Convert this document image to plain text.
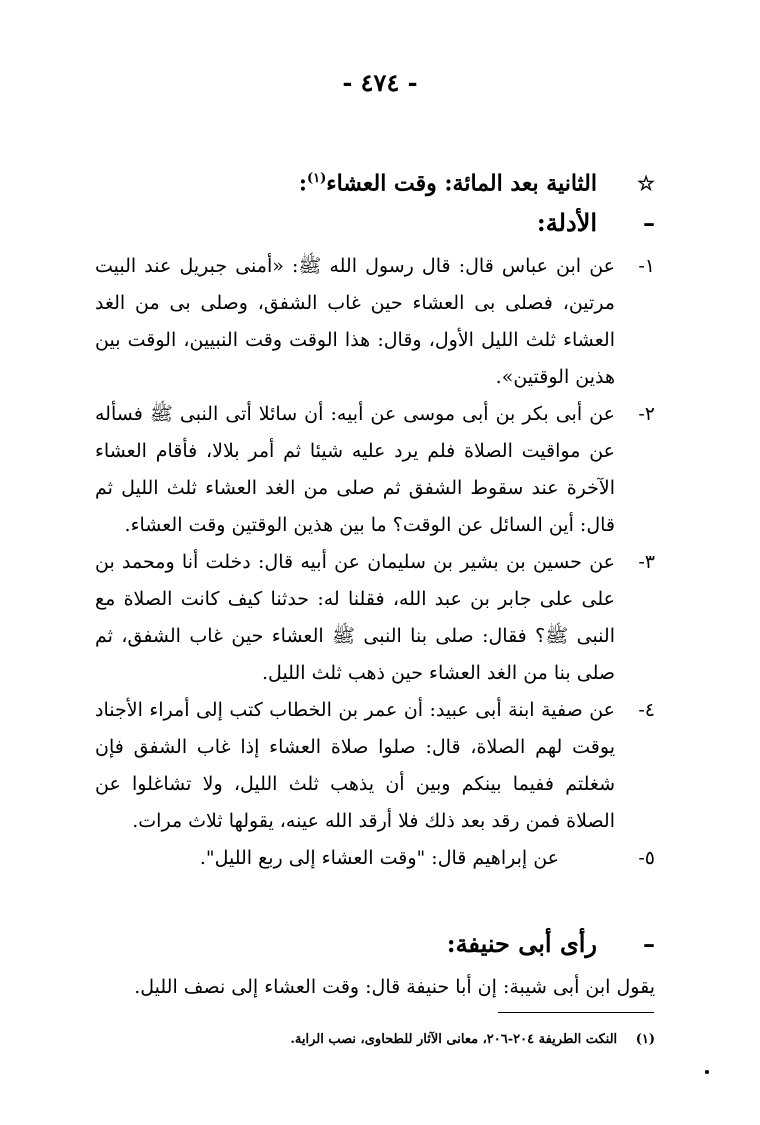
- ٤٧٤ -
☆
الثانية بعد المائة: وقت العشاء$^{(١)}$:
–
الأدلة:
١-
عن ابن عباس قال: قال رسول الله ﷺ: «أمنى جبريل عند البيت مرتين، فصلى بى العشاء حين غاب الشفق، وصلى بى من الغد العشاء ثلث الليل الأول، وقال: هذا الوقت وقت النبيين، الوقت بين هذين الوقتين».
٢-
عن أبى بكر بن أبى موسى عن أبيه: أن سائلا أتى النبى ﷺ فسأله عن مواقيت الصلاة فلم يرد عليه شيئا ثم أمر بلالا، فأقام العشاء الآخرة عند سقوط الشفق ثم صلى من الغد العشاء ثلث الليل ثم قال: أين السائل عن الوقت؟ ما بين هذين الوقتين وقت العشاء.
٣-
عن حسين بن بشير بن سليمان عن أبيه قال: دخلت أنا ومحمد بن على على جابر بن عبد الله، فقلنا له: حدثنا كيف كانت الصلاة مع النبى ﷺ؟ فقال: صلى بنا النبى ﷺ العشاء حين غاب الشفق، ثم صلى بنا من الغد العشاء حين ذهب ثلث الليل.
٤-
عن صفية ابنة أبى عبيد: أن عمر بن الخطاب كتب إلى أمراء الأجناد يوقت لهم الصلاة، قال: صلوا صلاة العشاء إذا غاب الشفق فإن شغلتم ففيما بينكم وبين أن يذهب ثلث الليل، ولا تشاغلوا عن الصلاة فمن رقد بعد ذلك فلا أرقد الله عينه، يقولها ثلاث مرات.
٥-
عن إبراهيم قال: "وقت العشاء إلى ربع الليل".
–
رأى أبى حنيفة:
يقول ابن أبى شيبة: إن أبا حنيفة قال: وقت العشاء إلى نصف الليل.
(١) النكت الطريفة ٢٠٤-٢٠٦، معانى الآثار للطحاوى، نصب الراية.
